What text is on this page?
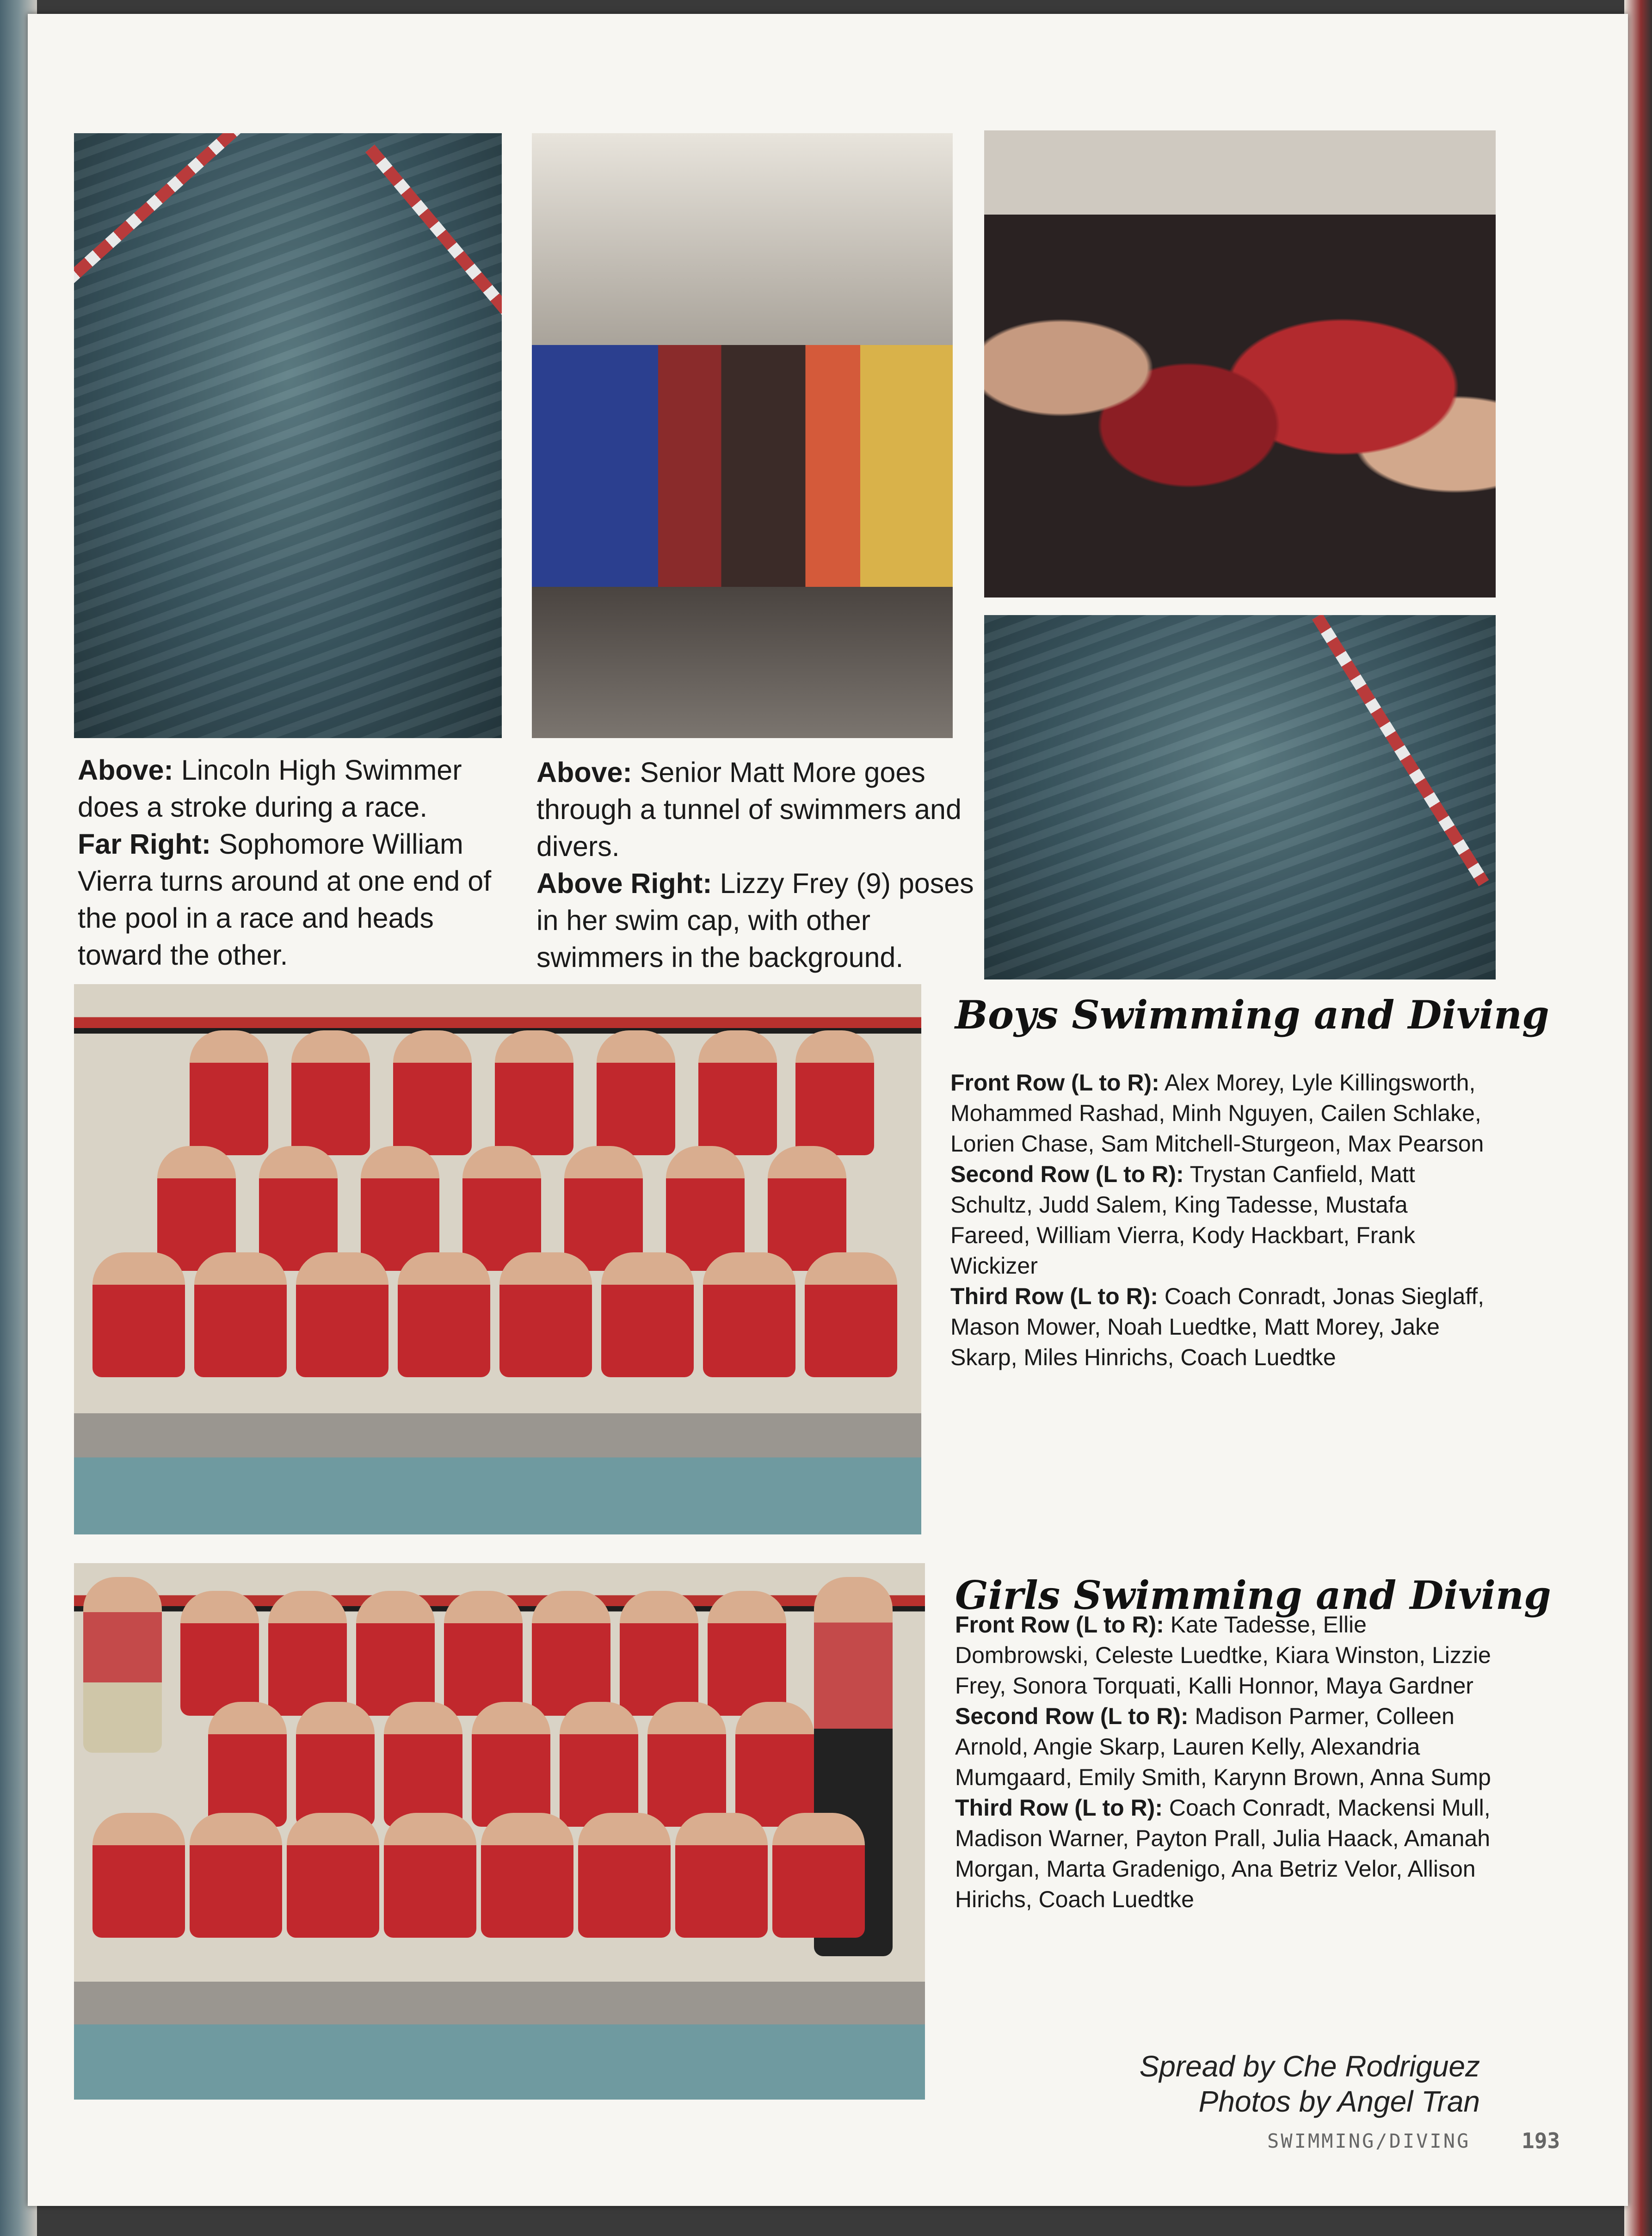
Above: Lincoln High Swimmer does a stroke during a race.
Far Right: Sophomore William Vierra turns around at one end of the pool in a race and heads toward the other.
Above: Senior Matt More goes through a tunnel of swimmers and divers.
Above Right: Lizzy Frey (9) poses in her swim cap, with other swimmers in the background.
Boys Swimming and Diving
Front Row (L to R): Alex Morey, Lyle Killingsworth, Mohammed Rashad, Minh Nguyen, Cailen Schlake, Lorien Chase, Sam Mitchell-Sturgeon, Max Pearson
Second Row (L to R): Trystan Canfield, Matt Schultz, Judd Salem, King Tadesse, Mustafa Fareed, William Vierra, Kody Hackbart, Frank Wickizer
Third Row (L to R): Coach Conradt, Jonas Sieglaff, Mason Mower, Noah Luedtke, Matt Morey, Jake Skarp, Miles Hinrichs, Coach Luedtke
Girls Swimming and Diving
Front Row (L to R): Kate Tadesse, Ellie Dombrowski, Celeste Luedtke, Kiara Winston, Lizzie Frey, Sonora Torquati, Kalli Honnor, Maya Gardner
Second Row (L to R): Madison Parmer, Colleen Arnold, Angie Skarp, Lauren Kelly, Alexandria Mumgaard, Emily Smith, Karynn Brown, Anna Sump
Third Row (L to R): Coach Conradt, Mackensi Mull, Madison Warner, Payton Prall, Julia Haack, Amanah Morgan, Marta Gradenigo, Ana Betriz Velor, Allison Hirichs, Coach Luedtke
Spread by Che Rodriguez
Photos by Angel Tran
SWIMMING/DIVING 193
